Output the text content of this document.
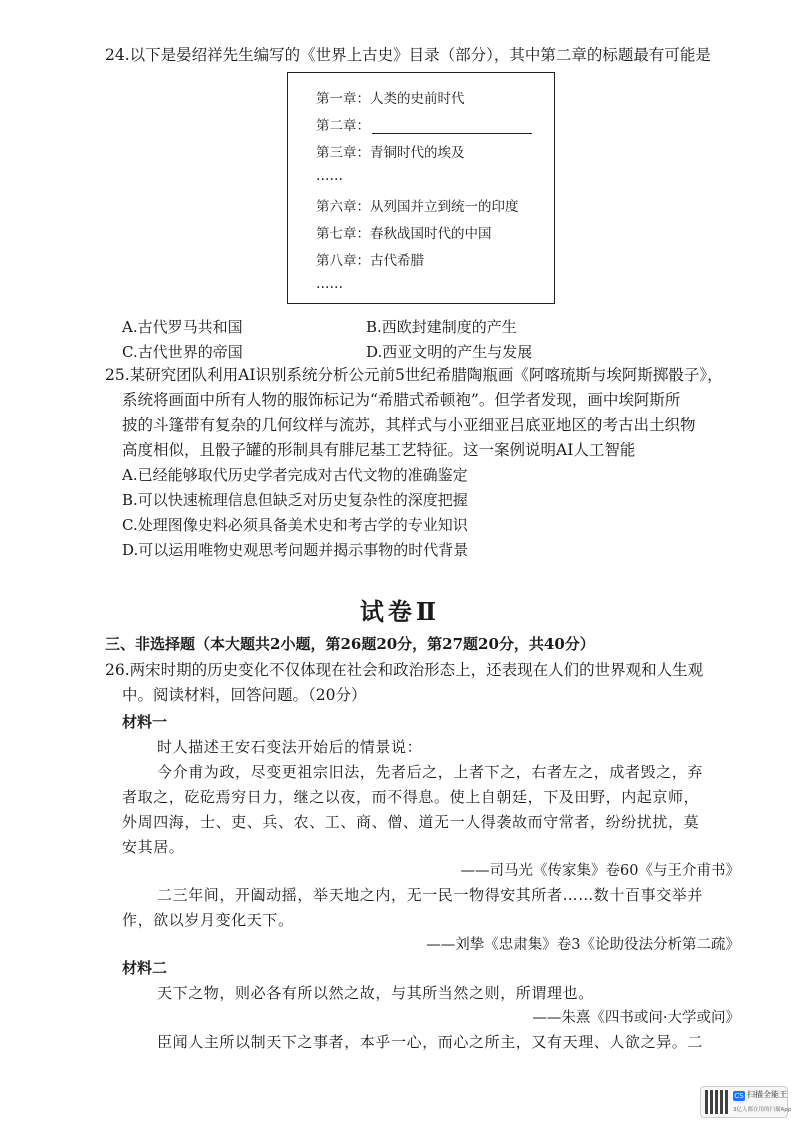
24.以下是晏绍祥先生编写的《世界上古史》目录（部分），其中第二章的标题最有可能是
第一章：人类的史前时代
第二章：
第三章：青铜时代的埃及
……
第六章：从列国并立到统一的印度
第七章：春秋战国时代的中国
第八章：古代希腊
……
A.古代罗马共和国	B.西欧封建制度的产生
C.古代世界的帝国	D.西亚文明的产生与发展
25.某研究团队利用AI识别系统分析公元前5世纪希腊陶瓶画《阿喀琉斯与埃阿斯掷骰子》，
系统将画面中所有人物的服饰标记为“希腊式希顿袍”。但学者发现，画中埃阿斯所
披的斗篷带有复杂的几何纹样与流苏，其样式与小亚细亚吕底亚地区的考古出土织物
高度相似，且骰子罐的形制具有腓尼基工艺特征。这一案例说明AI人工智能
A.已经能够取代历史学者完成对古代文物的准确鉴定
B.可以快速梳理信息但缺乏对历史复杂性的深度把握
C.处理图像史料必须具备美术史和考古学的专业知识
D.可以运用唯物史观思考问题并揭示事物的时代背景
试卷Ⅱ
三、非选择题（本大题共2小题，第26题20分，第27题20分，共40分）
26.两宋时期的历史变化不仅体现在社会和政治形态上，还表现在人们的世界观和人生观
中。阅读材料，回答问题。（20分）
材料一
时人描述王安石变法开始后的情景说：
今介甫为政，尽变更祖宗旧法，先者后之，上者下之，右者左之，成者毁之，弃
者取之，矻矻焉穷日力，继之以夜，而不得息。使上自朝廷，下及田野，内起京师，
外周四海，士、吏、兵、农、工、商、僧、道无一人得袭故而守常者，纷纷扰扰，莫
安其居。
——司马光《传家集》卷60《与王介甫书》
二三年间，开阖动摇，举天地之内，无一民一物得安其所者……数十百事交举并
作，欲以岁月变化天下。
——刘挚《忠肃集》卷3《论助役法分析第二疏》
材料二
天下之物，则必各有所以然之故，与其所当然之则，所谓理也。
——朱熹《四书或问·大学或问》
臣闻人主所以制天下之事者，本乎一心，而心之所主，又有天理、人欲之异。二
CS 扫描全能王
3亿人都在用的扫描App
